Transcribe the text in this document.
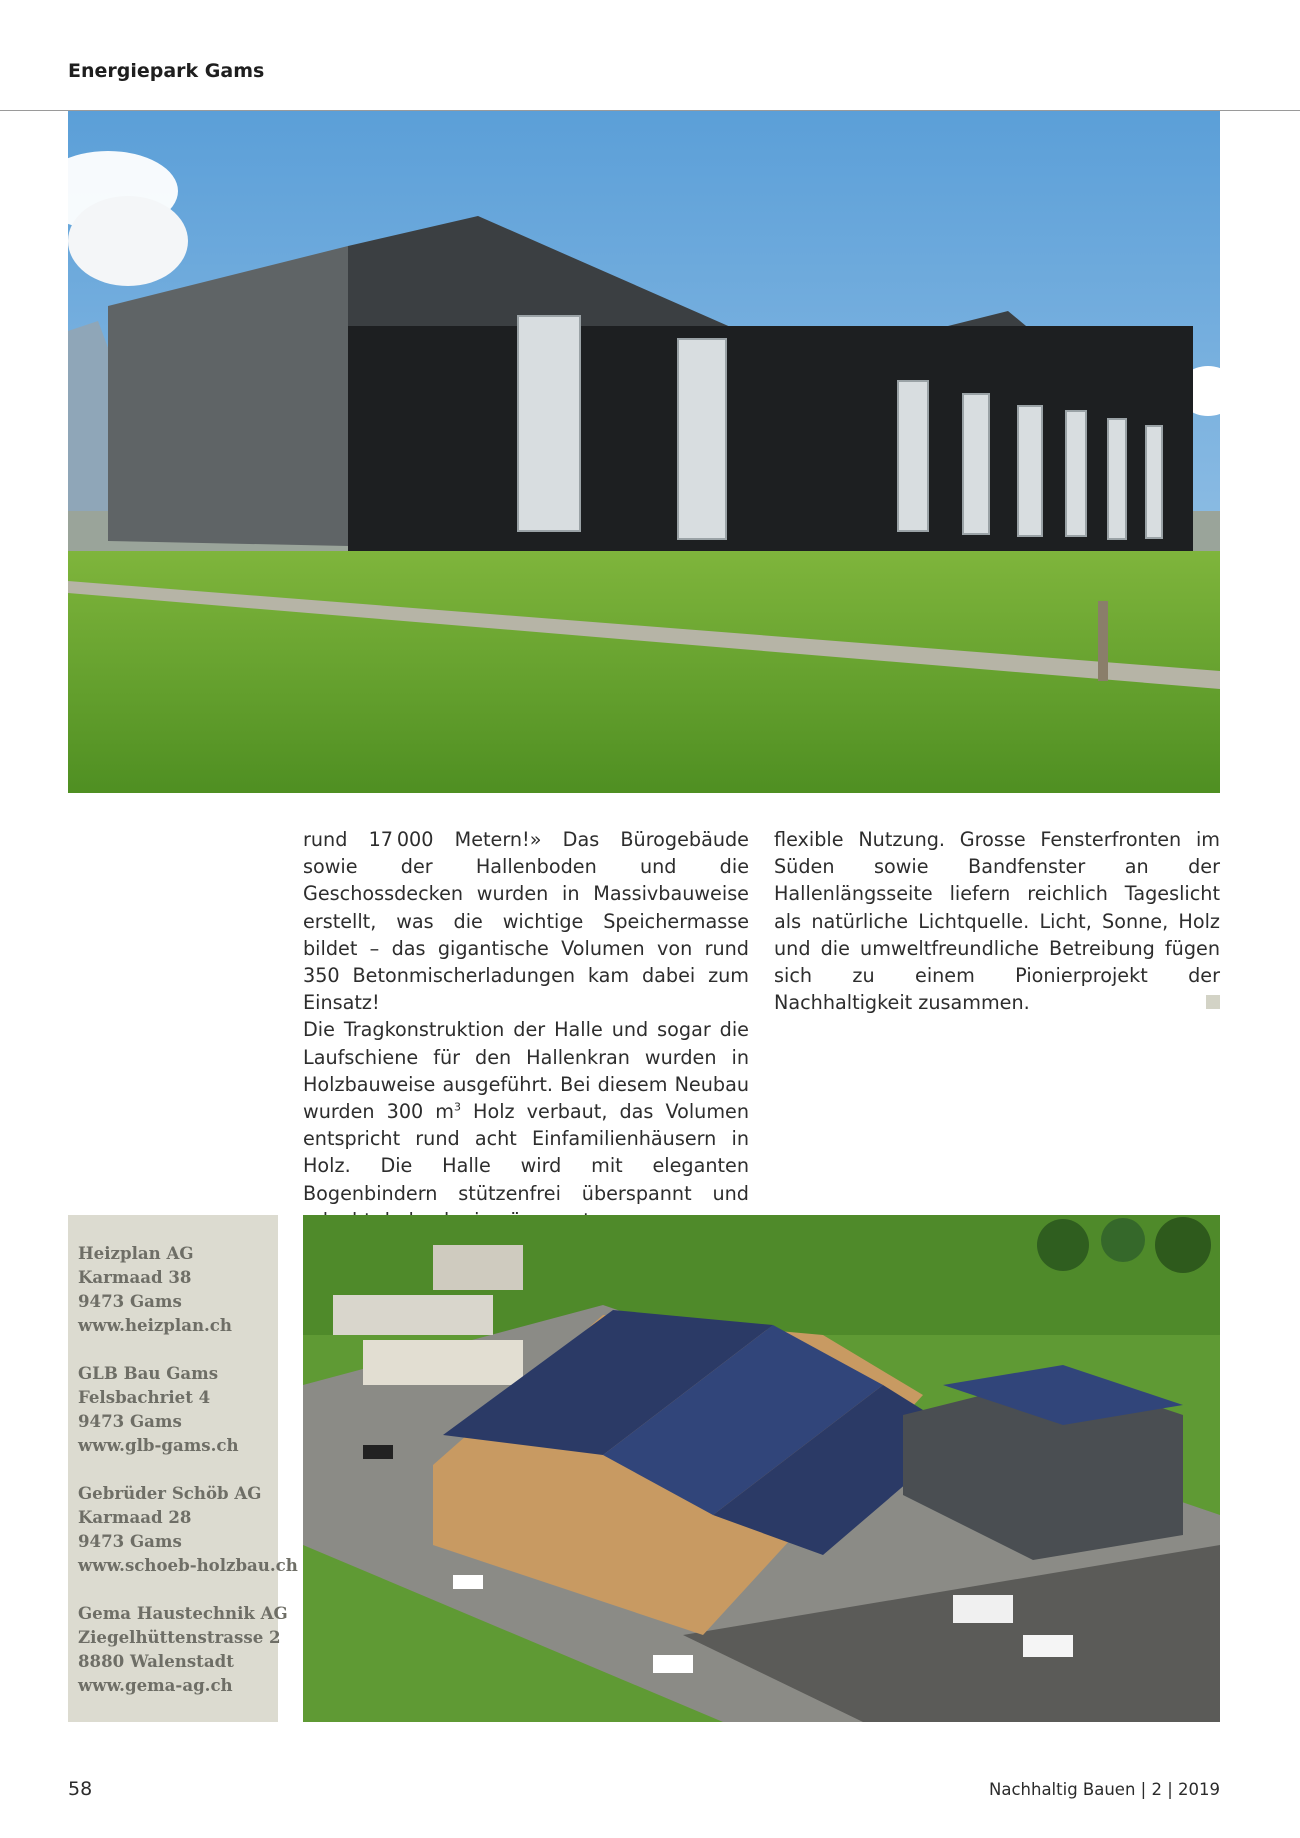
Energiepark Gams

rund 17 000 Metern!» Das Bürogebäude sowie der Hallenboden und die Geschossdecken wurden in Massivbauweise erstellt, was die wichtige Speichermasse bildet – das gigantische Volumen von rund 350 Betonmischerladungen kam dabei zum Einsatz!

Die Tragkonstruktion der Halle und sogar die Laufschiene für den Hallenkran wurden in Holzbauweise ausgeführt. Bei diesem Neubau wurden 300 $m^3$ Holz verbaut, das Volumen entspricht rund acht Einfamilienhäusern in Holz. Die Halle wird mit eleganten Bogenbindern stützenfrei überspannt und

flexible Nutzung. Grosse Fensterfronten im Süden sowie Bandfenster an der Hallenlängsseite liefern reichlich Tageslicht als natürliche Lichtquelle. Licht, Sonne, Holz und die umweltfreundliche Betreibung fügen sich zu einem Pionierprojekt der Nachhaltigkeit zusammen.

Heizplan AG
Karmaad 38
9473 Gams
www.heizplan.ch
GLB Bau Gams
Felsbachriet 4
9473 Gams
www.glb-gams.ch
Gebrüder Schöb AG
Karmaad 28
9473 Gams
www.schoeb-holzbau.ch
Gema Haustechnik AG
Ziegelhüttenstrasse 2
8880 Walenstadt
www.gema-ag.ch
58	Nachhaltig Bauen | 2 | 2019
